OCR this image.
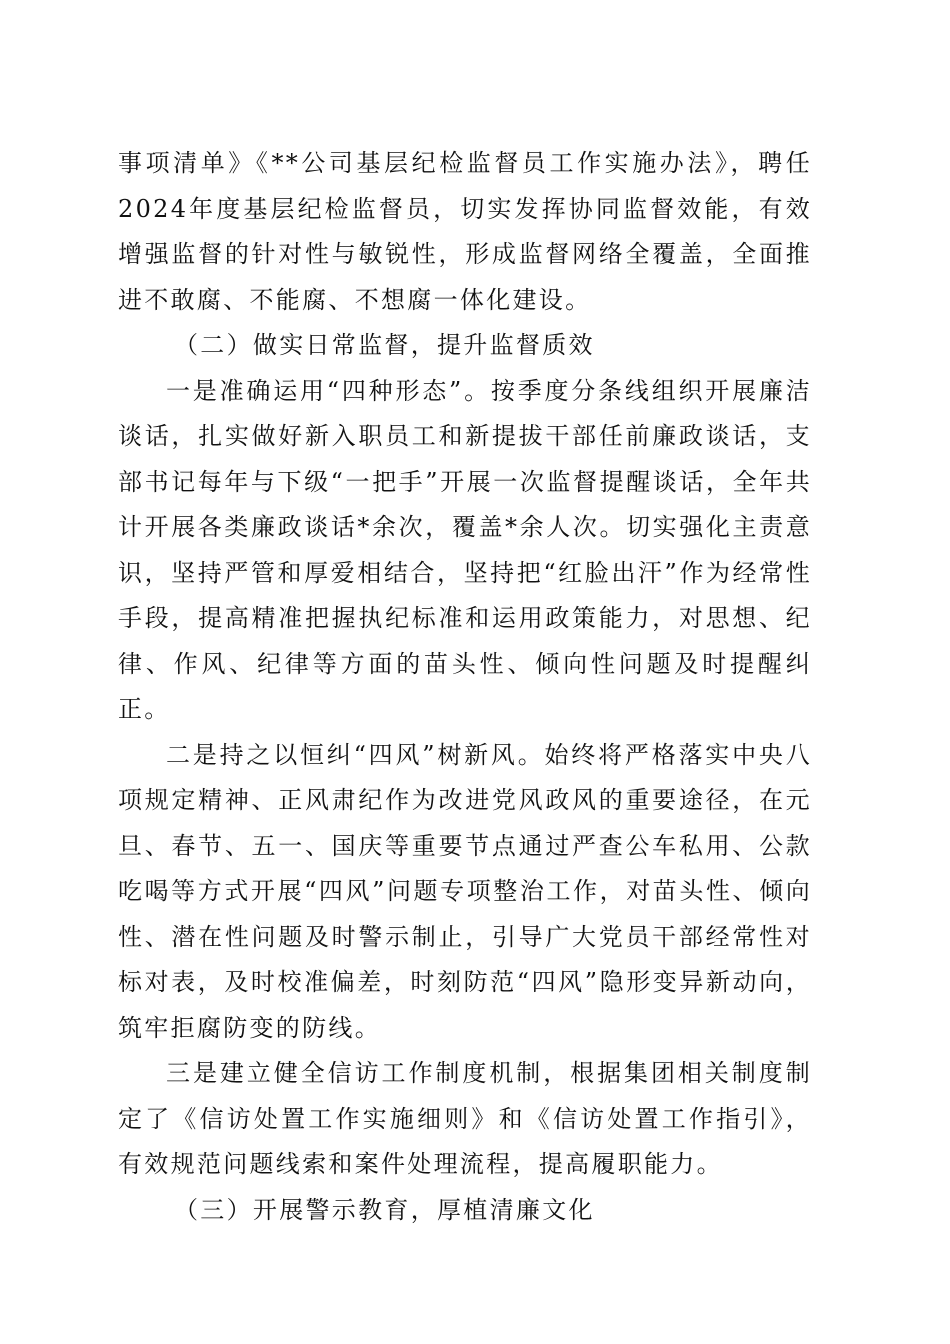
事项清单》《**公司基层纪检监督员工作实施办法》，聘任2024年度基层纪检监督员，切实发挥协同监督效能，有效增强监督的针对性与敏锐性，形成监督网络全覆盖，全面推进不敢腐、不能腐、不想腐一体化建设。

（二）做实日常监督，提升监督质效

一是准确运用“四种形态”。按季度分条线组织开展廉洁谈话，扎实做好新入职员工和新提拔干部任前廉政谈话，支部书记每年与下级“一把手”开展一次监督提醒谈话，全年共计开展各类廉政谈话*余次，覆盖*余人次。切实强化主责意识，坚持严管和厚爱相结合，坚持把“红脸出汗”作为经常性手段，提高精准把握执纪标准和运用政策能力，对思想、纪律、作风、纪律等方面的苗头性、倾向性问题及时提醒纠正。

二是持之以恒纠“四风”树新风。始终将严格落实中央八项规定精神、正风肃纪作为改进党风政风的重要途径，在元旦、春节、五一、国庆等重要节点通过严查公车私用、公款吃喝等方式开展“四风”问题专项整治工作，对苗头性、倾向性、潜在性问题及时警示制止，引导广大党员干部经常性对标对表，及时校准偏差，时刻防范“四风”隐形变异新动向，筑牢拒腐防变的防线。

三是建立健全信访工作制度机制，根据集团相关制度制定了《信访处置工作实施细则》和《信访处置工作指引》，有效规范问题线索和案件处理流程，提高履职能力。

（三）开展警示教育，厚植清廉文化
